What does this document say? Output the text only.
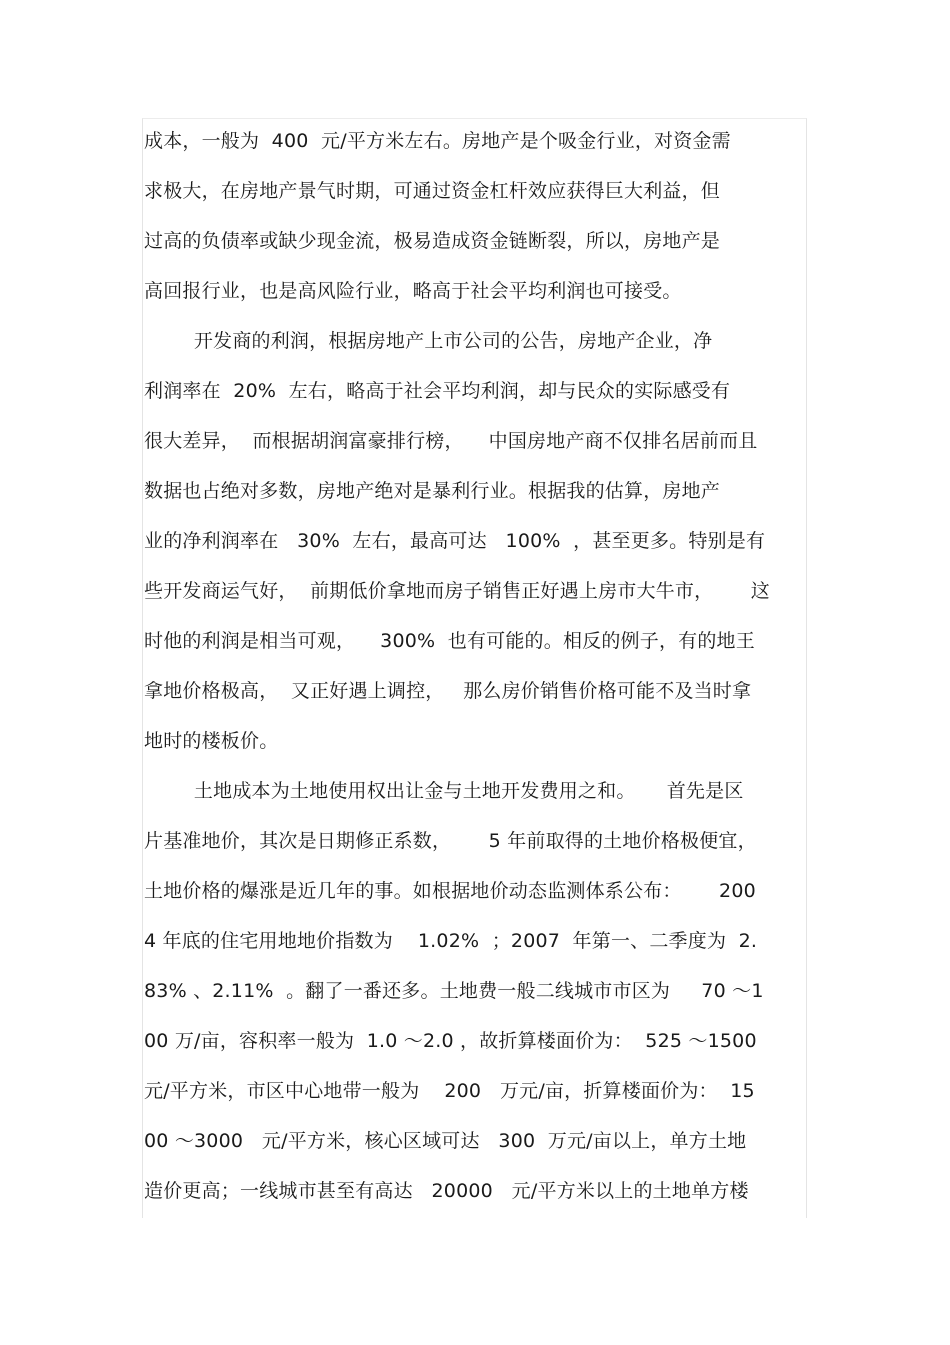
成本，一般为  400  元/平方米左右。房地产是个吸金行业，对资金需
求极大，在房地产景气时期，可通过资金杠杆效应获得巨大利益，但
过高的负债率或缺少现金流，极易造成资金链断裂，所以，房地产是
高回报行业，也是高风险行业，略高于社会平均利润也可接受。
开发商的利润，根据房地产上市公司的公告，房地产企业，净
利润率在  20%  左右，略高于社会平均利润，却与民众的实际感受有
很大差异，  而根据胡润富豪排行榜，    中国房地产商不仅排名居前而且
数据也占绝对多数，房地产绝对是暴利行业。根据我的估算，房地产
业的净利润率在   30%  左右，最高可达   100%  ，甚至更多。特别是有
些开发商运气好，  前期低价拿地而房子销售正好遇上房市大牛市，      这
时他的利润是相当可观，    300%  也有可能的。相反的例子，有的地王
拿地价格极高，  又正好遇上调控，   那么房价销售价格可能不及当时拿
地时的楼板价。
土地成本为土地使用权出让金与土地开发费用之和。     首先是区
片基准地价，其次是日期修正系数，      5 年前取得的土地价格极便宜，
土地价格的爆涨是近几年的事。如根据地价动态监测体系公布：      200
4 年底的住宅用地地价指数为    1.02%  ；2007  年第一、二季度为  2.
83% 、2.11%  。翻了一番还多。土地费一般二线城市市区为     70 ～1
00 万/亩，容积率一般为  1.0 ～2.0 ，故折算楼面价为：  525 ～1500
元/平方米，市区中心地带一般为    200   万元/亩，折算楼面价为：  15
00 ～3000   元/平方米，核心区域可达   300  万元/亩以上，单方土地
造价更高；一线城市甚至有高达   20000   元/平方米以上的土地单方楼
